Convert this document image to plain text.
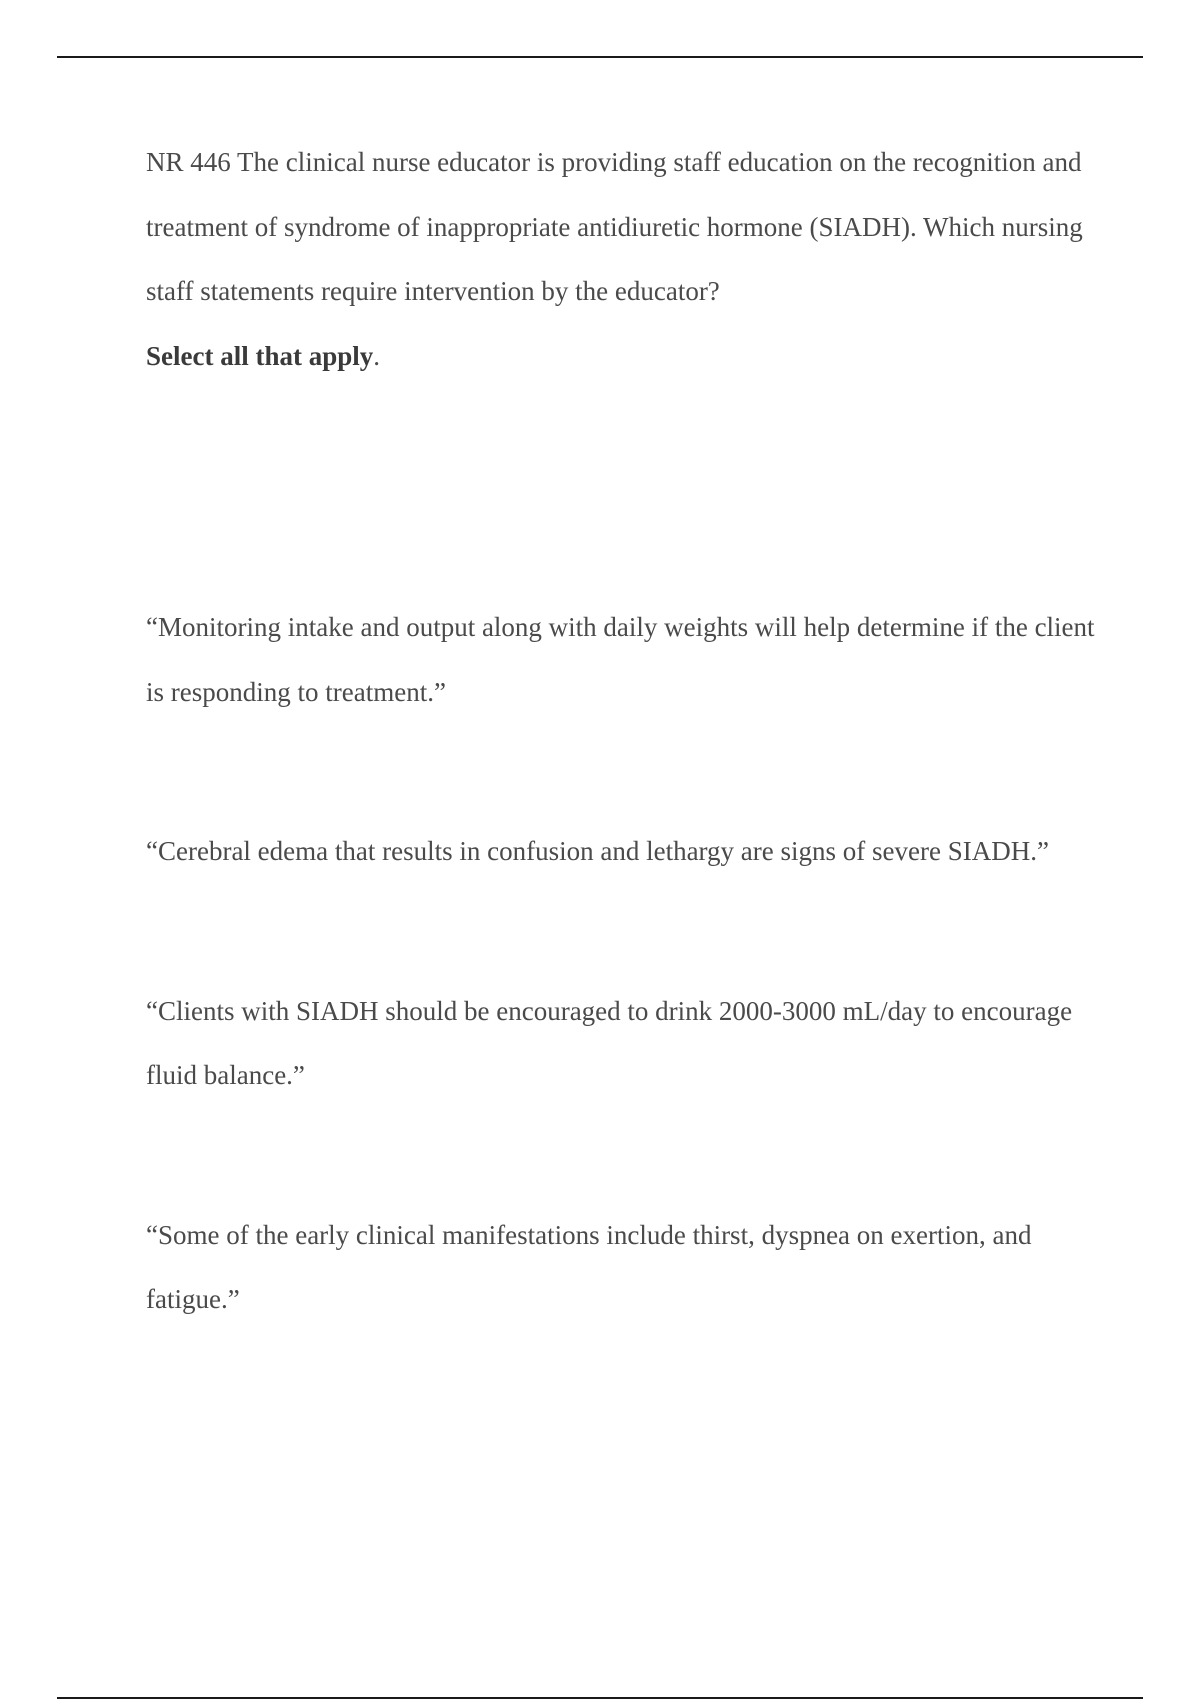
NR 446 The clinical nurse educator is providing staff education on the recognition and treatment of syndrome of inappropriate antidiuretic hormone (SIADH). Which nursing staff statements require intervention by the educator?
Select all that apply.

“Monitoring intake and output along with daily weights will help determine if the client is responding to treatment.”

“Cerebral edema that results in confusion and lethargy are signs of severe SIADH.”

“Clients with SIADH should be encouraged to drink 2000-3000 mL/day to encourage fluid balance.”

“Some of the early clinical manifestations include thirst, dyspnea on exertion, and fatigue.”
